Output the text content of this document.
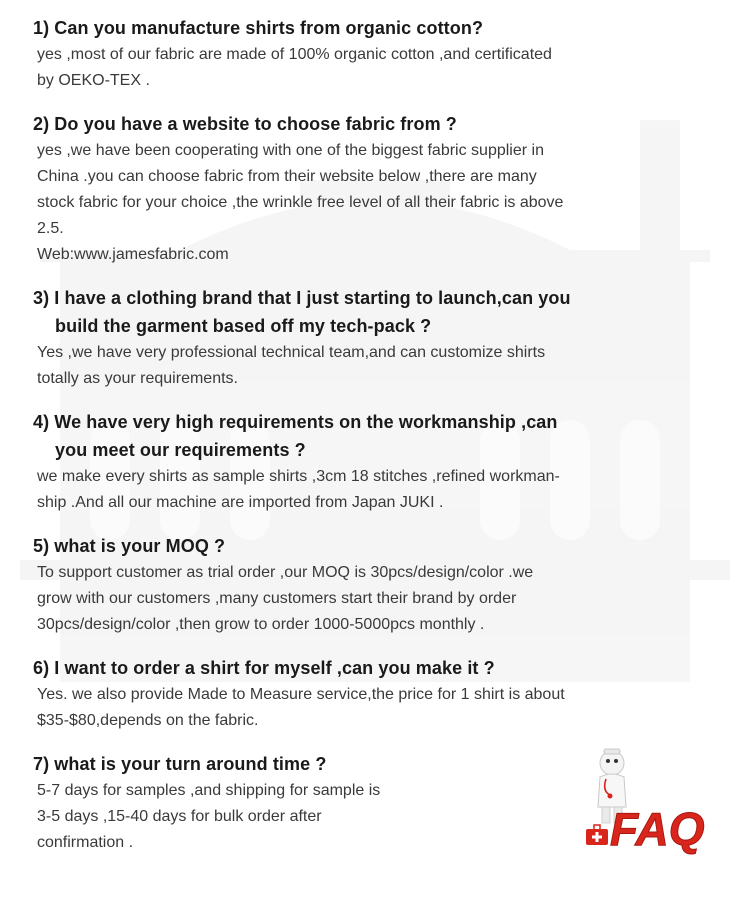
1) Can you manufacture shirts from organic cotton?

yes ,most of our fabric are made of 100% organic cotton ,and certificated
by OEKO-TEX .

2) Do you have a website to choose fabric from ?

yes ,we have been cooperating with one of the biggest fabric supplier in
China .you can choose fabric from their website below ,there are many
stock fabric for your choice ,the wrinkle free level of all their fabric is above
2.5.
Web:www.jamesfabric.com

3) I have a clothing brand that I just starting to launch,can you
build the garment based off my tech-pack ?

Yes ,we have very professional technical team,and can customize shirts
totally as your requirements.

4) We have very high requirements on the workmanship ,can
you meet our requirements ?

we make every shirts as sample shirts ,3cm 18 stitches ,refined workman-
ship .And all our machine are imported from Japan JUKI .

5) what is your MOQ ?

To support customer as trial order ,our MOQ is 30pcs/design/color .we
grow with our customers ,many customers start their brand by order
30pcs/design/color ,then grow to order 1000-5000pcs monthly .

6) I want to order a shirt for myself ,can you make it ?

Yes. we also provide Made to Measure service,the price for 1 shirt is about
$35-$80,depends on the fabric.

7) what is your turn around time ?

5-7 days for samples ,and shipping for sample is
3-5 days ,15-40 days for bulk order after
confirmation .	FAQ
